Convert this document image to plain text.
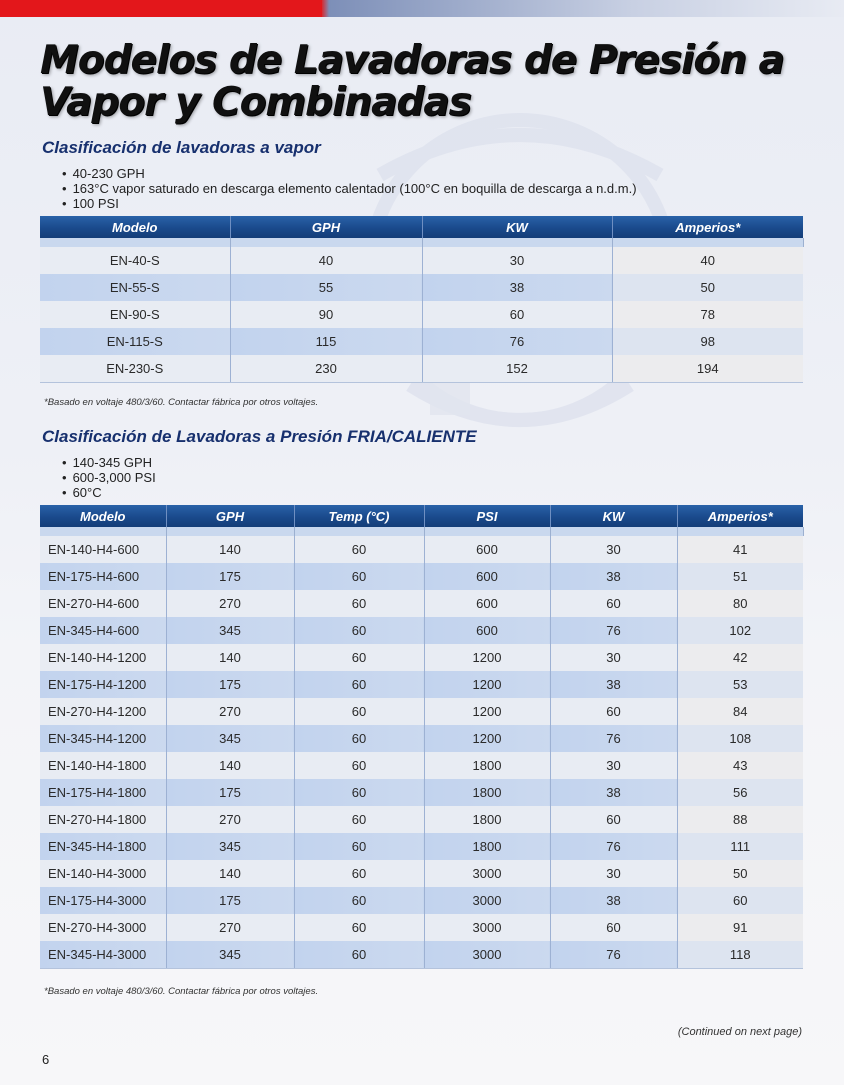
Modelos de Lavadoras de Presión a Vapor y Combinadas
Clasificación de lavadoras a vapor
• 40-230 GPH
• 163°C vapor saturado en descarga elemento calentador (100°C en boquilla de descarga a n.d.m.)
• 100 PSI
Modelo	GPH	KW	Amperios*

EN-40-S	40	30	40
EN-55-S	55	38	50
EN-90-S	90	60	78
EN-115-S	115	76	98
EN-230-S	230	152	194

*Basado en voltaje 480/3/60. Contactar fábrica por otros voltajes.

Clasificación de Lavadoras a Presión FRIA/CALIENTE
• 140-345 GPH
• 600-3,000 PSI
• 60°C
Modelo	GPH	Temp (°C)	PSI	KW	Amperios*

EN-140-H4-600	140	60	600	30	41
EN-175-H4-600	175	60	600	38	51
EN-270-H4-600	270	60	600	60	80
EN-345-H4-600	345	60	600	76	102
EN-140-H4-1200	140	60	1200	30	42
EN-175-H4-1200	175	60	1200	38	53
EN-270-H4-1200	270	60	1200	60	84
EN-345-H4-1200	345	60	1200	76	108
EN-140-H4-1800	140	60	1800	30	43
EN-175-H4-1800	175	60	1800	38	56
EN-270-H4-1800	270	60	1800	60	88
EN-345-H4-1800	345	60	1800	76	111
EN-140-H4-3000	140	60	3000	30	50
EN-175-H4-3000	175	60	3000	38	60
EN-270-H4-3000	270	60	3000	60	91
EN-345-H4-3000	345	60	3000	76	118

*Basado en voltaje 480/3/60. Contactar fábrica por otros voltajes.

(Continued on next page)

6
